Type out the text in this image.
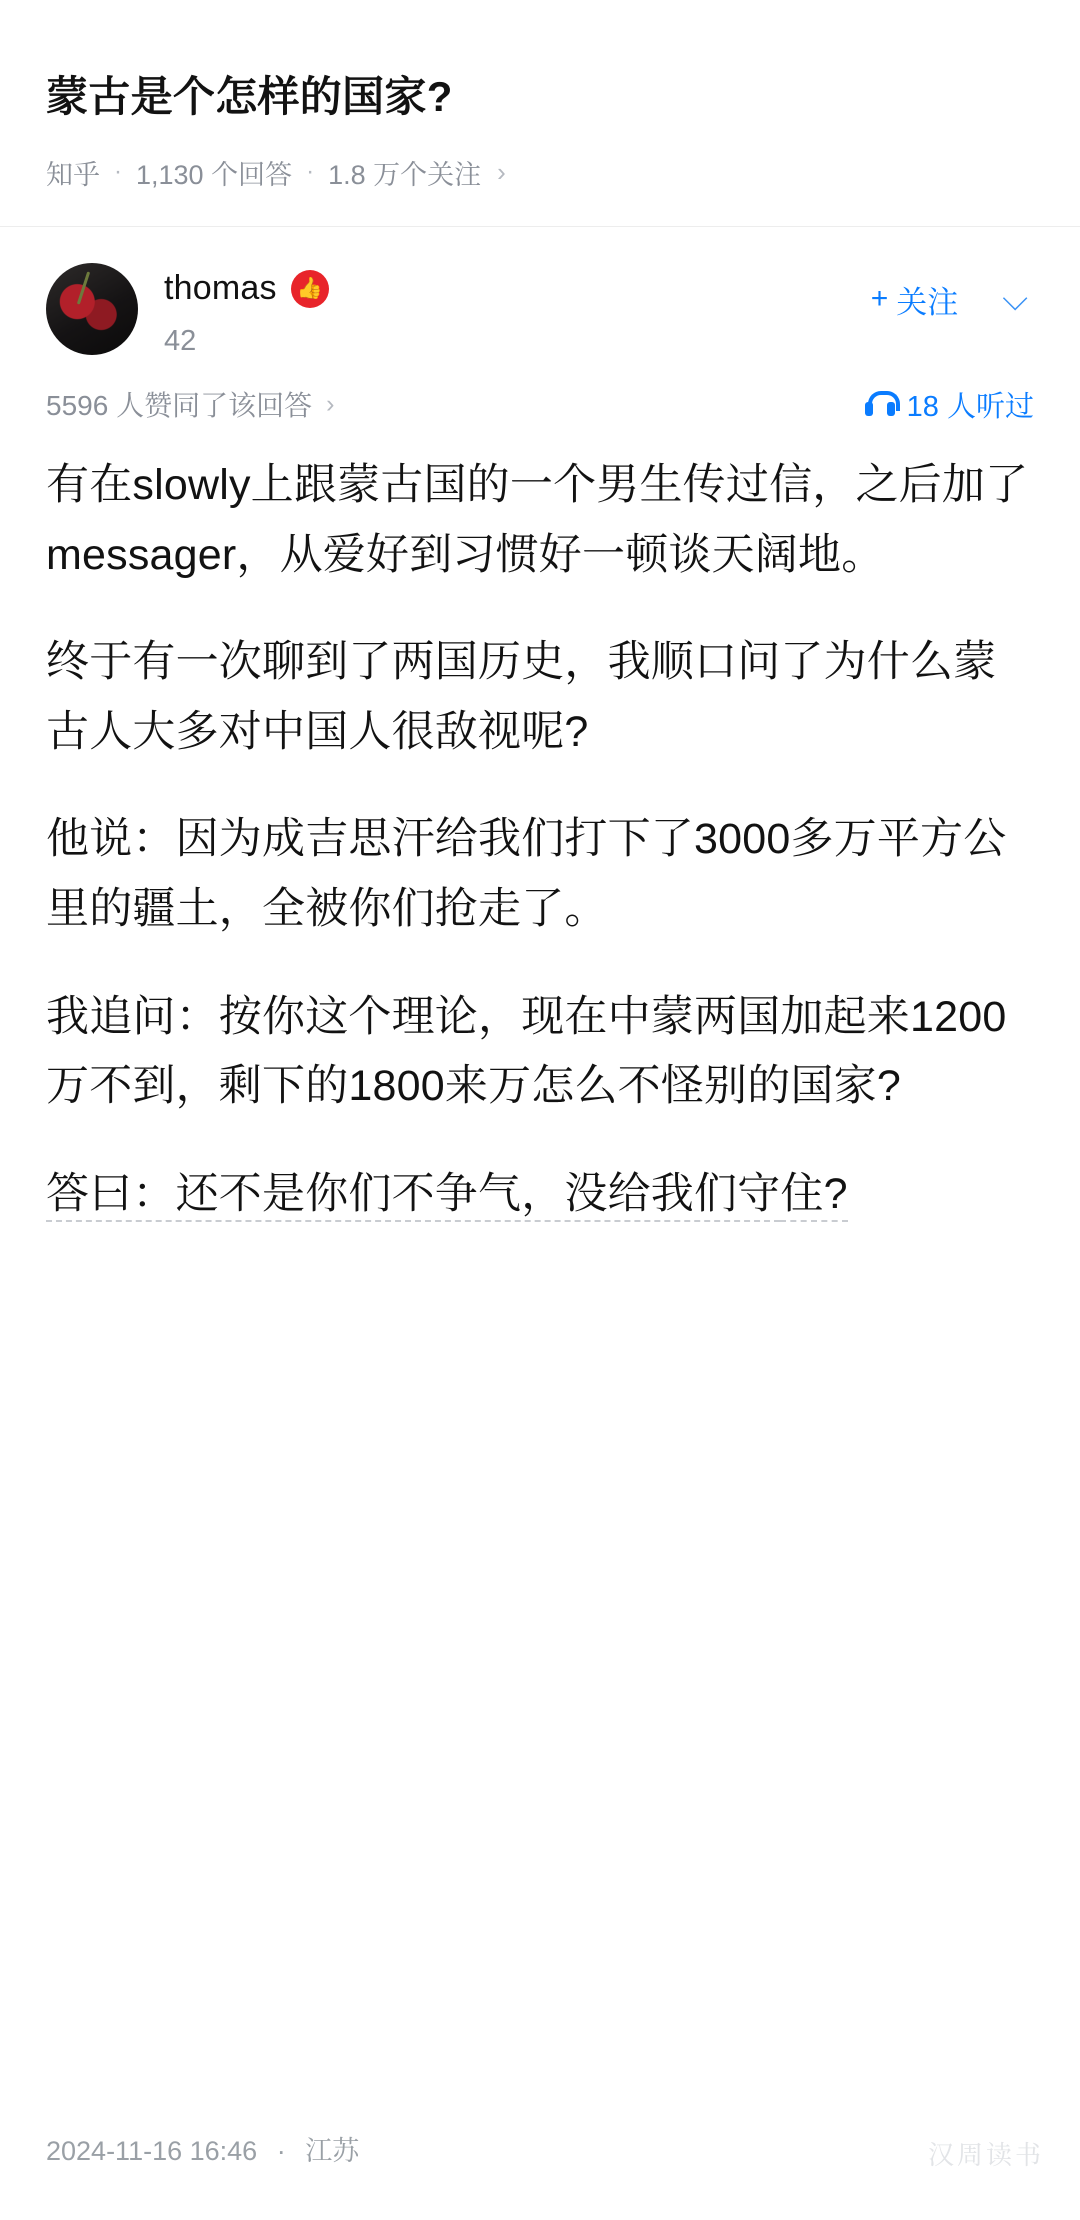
蒙古是个怎样的国家?
知乎 · 1,130 个回答 · 1.8 万个关注 ›
thomas 👍
42
+ 关注 ⌵
5596 人赞同了该回答 ›	18 人听过

有在slowly上跟蒙古国的一个男生传过信，之后加了messager，从爱好到习惯好一顿谈天阔地。

终于有一次聊到了两国历史，我顺口问了为什么蒙古人大多对中国人很敌视呢?

他说：因为成吉思汗给我们打下了3000多万平方公里的疆土，全被你们抢走了。

我追问：按你这个理论，现在中蒙两国加起来1200万不到，剩下的1800来万怎么不怪别的国家?

答曰：还不是你们不争气，没给我们守住?

2024-11-16 16:46 · 江苏	汉周读书
